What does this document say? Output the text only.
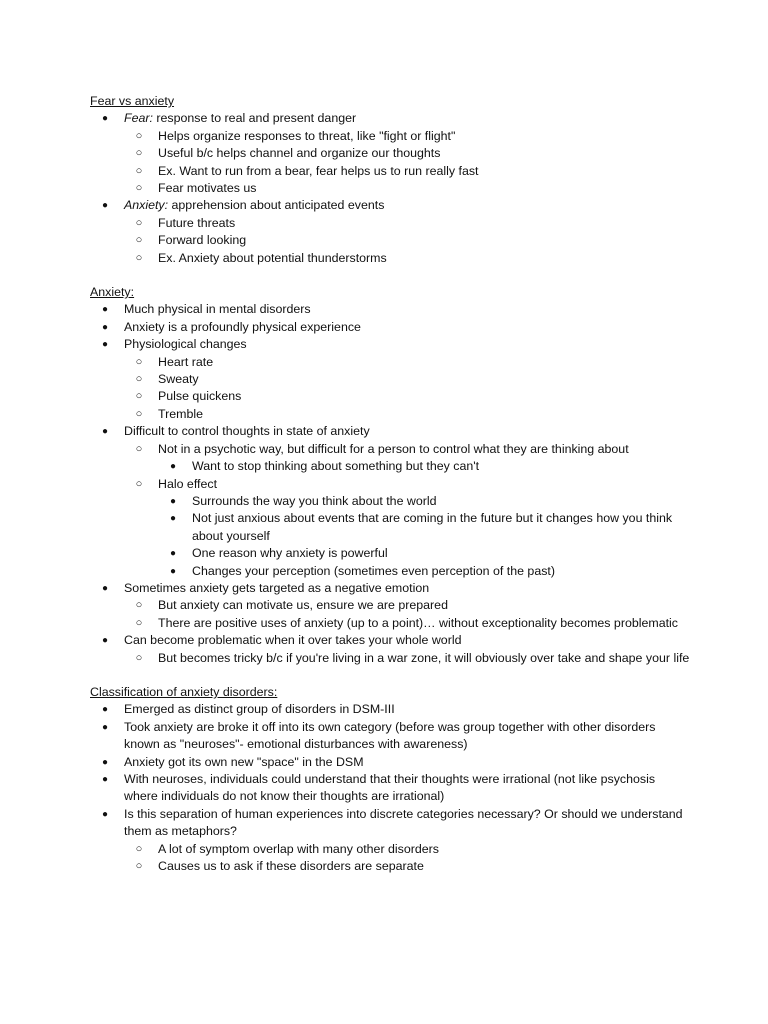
Fear vs anxiety
● Fear: response to real and present danger
○ Helps organize responses to threat, like "fight or flight"
○ Useful b/c helps channel and organize our thoughts
○ Ex. Want to run from a bear, fear helps us to run really fast
○ Fear motivates us
● Anxiety: apprehension about anticipated events
○ Future threats
○ Forward looking
○ Ex. Anxiety about potential thunderstorms
Anxiety:
● Much physical in mental disorders
● Anxiety is a profoundly physical experience
● Physiological changes
○ Heart rate
○ Sweaty
○ Pulse quickens
○ Tremble
● Difficult to control thoughts in state of anxiety
○ Not in a psychotic way, but difficult for a person to control what they are thinking about
● Want to stop thinking about something but they can't
○ Halo effect
● Surrounds the way you think about the world
● Not just anxious about events that are coming in the future but it changes how you think about yourself
● One reason why anxiety is powerful
● Changes your perception (sometimes even perception of the past)
● Sometimes anxiety gets targeted as a negative emotion
○ But anxiety can motivate us, ensure we are prepared
○ There are positive uses of anxiety (up to a point)… without exceptionality becomes problematic
● Can become problematic when it over takes your whole world
○ But becomes tricky b/c if you're living in a war zone, it will obviously over take and shape your life
Classification of anxiety disorders:
● Emerged as distinct group of disorders in DSM-III
● Took anxiety are broke it off into its own category (before was group together with other disorders known as "neuroses"- emotional disturbances with awareness)
● Anxiety got its own new "space" in the DSM
● With neuroses, individuals could understand that their thoughts were irrational (not like psychosis where individuals do not know their thoughts are irrational)
● Is this separation of human experiences into discrete categories necessary? Or should we understand them as metaphors?
○ A lot of symptom overlap with many other disorders
○ Causes us to ask if these disorders are separate
